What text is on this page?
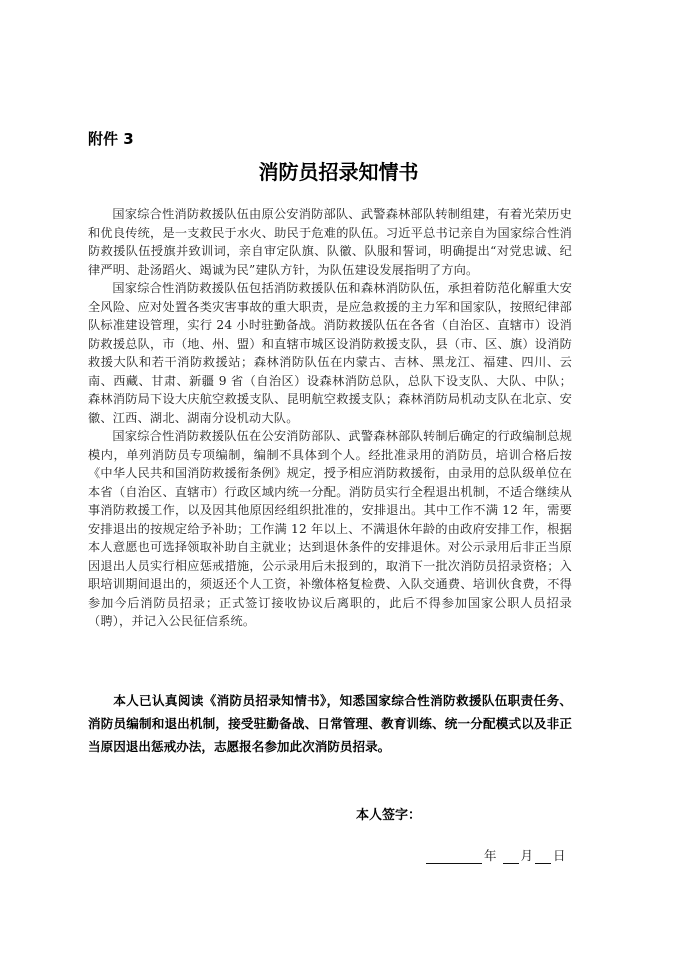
附件 3
消防员招录知情书

国家综合性消防救援队伍由原公安消防部队、武警森林部队转制组建，有着光荣历史和优良传统，是一支救民于水火、助民于危难的队伍。习近平总书记亲自为国家综合性消防救援队伍授旗并致训词，亲自审定队旗、队徽、队服和誓词，明确提出“对党忠诚、纪律严明、赴汤蹈火、竭诚为民”建队方针，为队伍建设发展指明了方向。

国家综合性消防救援队伍包括消防救援队伍和森林消防队伍，承担着防范化解重大安全风险、应对处置各类灾害事故的重大职责，是应急救援的主力军和国家队，按照纪律部队标准建设管理，实行 24 小时驻勤备战。消防救援队伍在各省（自治区、直辖市）设消防救援总队，市（地、州、盟）和直辖市城区设消防救援支队，县（市、区、旗）设消防救援大队和若干消防救援站；森林消防队伍在内蒙古、吉林、黑龙江、福建、四川、云南、西藏、甘肃、新疆 9 省（自治区）设森林消防总队，总队下设支队、大队、中队；森林消防局下设大庆航空救援支队、昆明航空救援支队；森林消防局机动支队在北京、安徽、江西、湖北、湖南分设机动大队。

国家综合性消防救援队伍在公安消防部队、武警森林部队转制后确定的行政编制总规模内，单列消防员专项编制，编制不具体到个人。经批准录用的消防员，培训合格后按《中华人民共和国消防救援衔条例》规定，授予相应消防救援衔，由录用的总队级单位在本省（自治区、直辖市）行政区域内统一分配。消防员实行全程退出机制，不适合继续从事消防救援工作，以及因其他原因经组织批准的，安排退出。其中工作不满 12 年，需要安排退出的按规定给予补助；工作满 12 年以上、不满退休年龄的由政府安排工作，根据本人意愿也可选择领取补助自主就业；达到退休条件的安排退休。对公示录用后非正当原因退出人员实行相应惩戒措施，公示录用后未报到的，取消下一批次消防员招录资格；入职培训期间退出的，须返还个人工资，补缴体格复检费、入队交通费、培训伙食费，不得参加今后消防员招录；正式签订接收协议后离职的，此后不得参加国家公职人员招录（聘），并记入公民征信系统。

本人已认真阅读《消防员招录知情书》，知悉国家综合性消防救援队伍职责任务、消防员编制和退出机制，接受驻勤备战、日常管理、教育训练、统一分配模式以及非正当原因退出惩戒办法，志愿报名参加此次消防员招录。

本人签字：
年 月 日
